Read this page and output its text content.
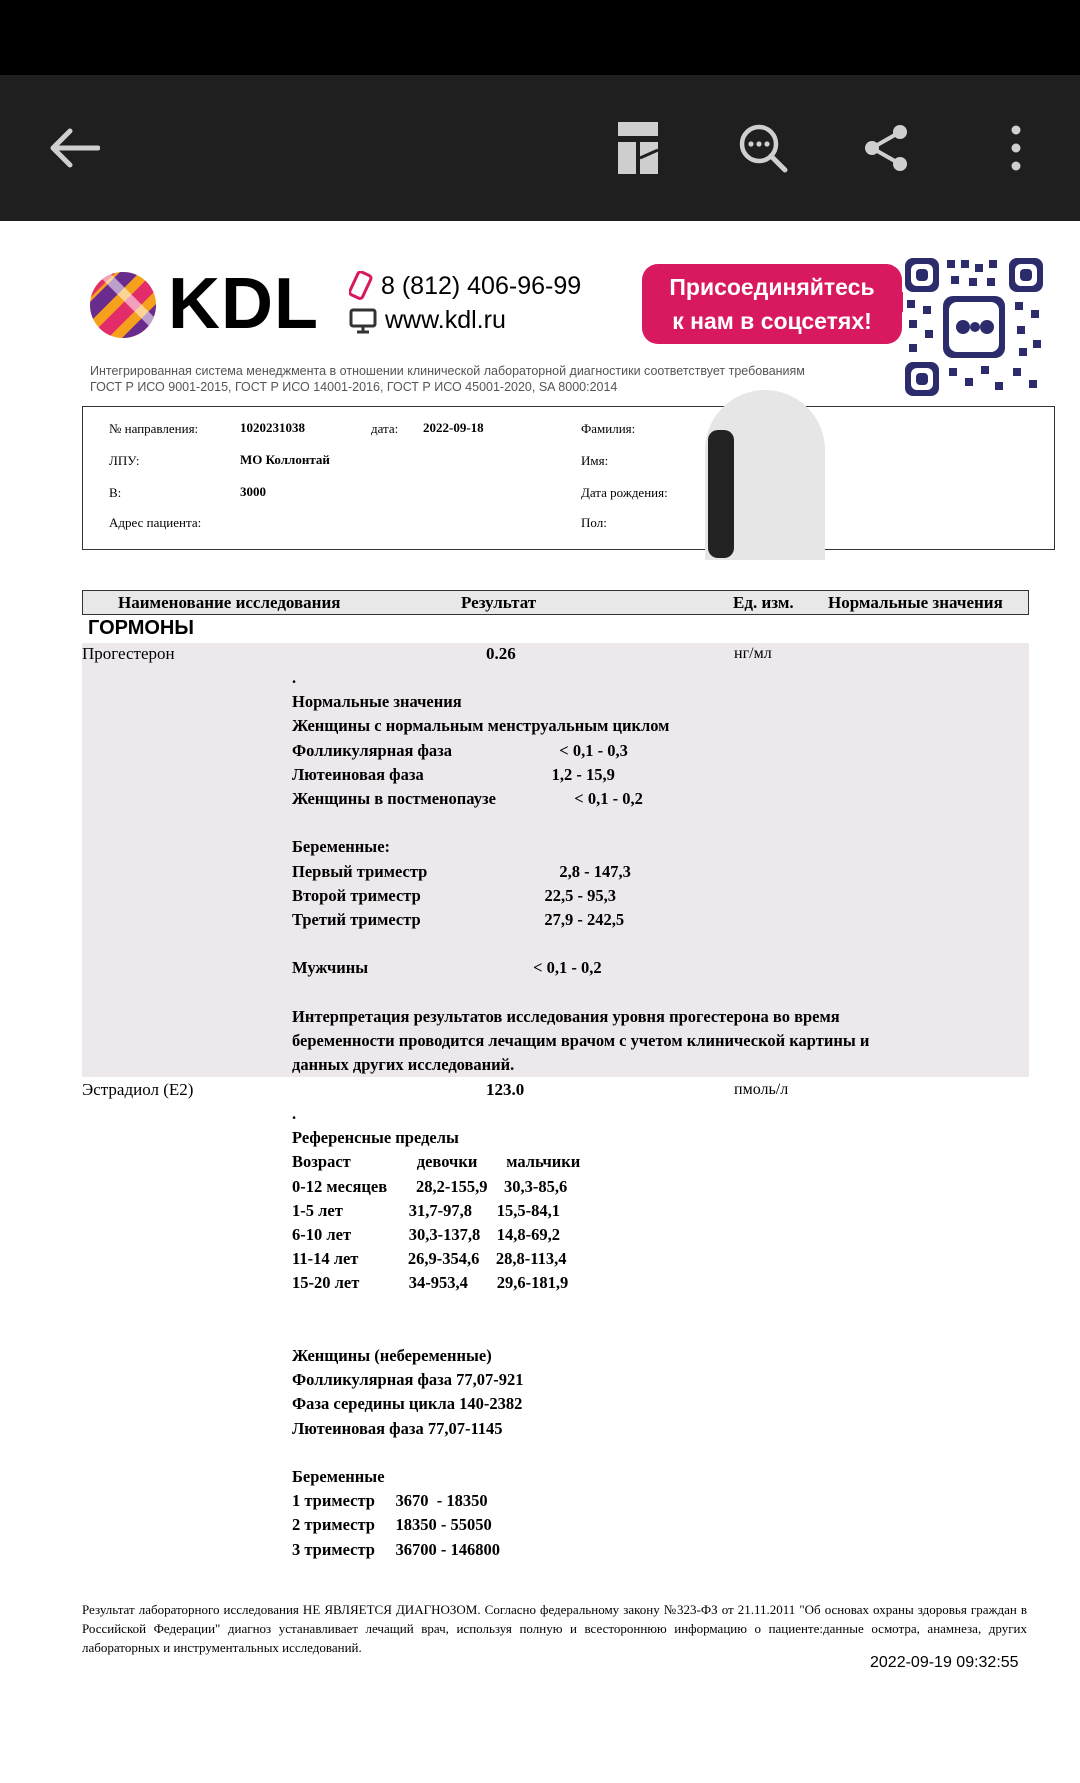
KDL 8 (812) 406-96-99
www.kdl.ru
Присоединяйтесь
к нам в соцсетях!
Интегрированная система менеджмента в отношении клинической лабораторной диагностики соответствует требованиям
ГОСТ Р ИСО 9001-2015, ГОСТ Р ИСО 14001-2016, ГОСТ Р ИСО 45001-2020, SA 8000:2014
№ направления:	1020231038	дата: 2022-09-18	Фамилия:
ЛПУ:	МО Коллонтай	Имя:
В:	3000	Дата рождения:
Адрес пациента:	Пол:
Наименование исследования	Результат	Ед. изм. Нормальные значения
ГОРМОНЫ
Прогестерон	0.26	нг/мл
.
Нормальные значения
Женщины с нормальным менструальным циклом
Фолликулярная фаза                          < 0,1 - 0,3
Лютеиновая фаза                               1,2 - 15,9
Женщины в постменопаузе                   < 0,1 - 0,2
Беременные:
Первый триместр                                2,8 - 147,3
Второй триместр                              22,5 - 95,3
Третий триместр                              27,9 - 242,5
Мужчины                                        < 0,1 - 0,2
Интерпретация результатов исследования уровня прогестерона во время
беременности проводится лечащим врачом с учетом клинической картины и
данных других исследований.
Эстрадиол (E2)	123.0	пмоль/л
.
Референсные пределы
Возраст                девочки       мальчики
0-12 месяцев       28,2-155,9    30,3-85,6
1-5 лет                31,7-97,8      15,5-84,1
6-10 лет              30,3-137,8    14,8-69,2
11-14 лет            26,9-354,6    28,8-113,4
15-20 лет            34-953,4       29,6-181,9
Женщины (небеременные)
Фолликулярная фаза 77,07-921
Фаза середины цикла 140-2382
Лютеиновая фаза 77,07-1145
Беременные
1 триместр     3670  - 18350
2 триместр     18350 - 55050
3 триместр     36700 - 146800
Результат лабораторного исследования НЕ ЯВЛЯЕТСЯ ДИАГНОЗОМ. Согласно федеральному закону №323-ФЗ от 21.11.2011 "Об основах охраны здоровья граждан в Российской Федерации" диагноз устанавливает лечащий врач, используя полную и всестороннюю информацию о пациенте:данные осмотра, анамнеза, других лабораторных и инструментальных исследований.
2022-09-19 09:32:55
